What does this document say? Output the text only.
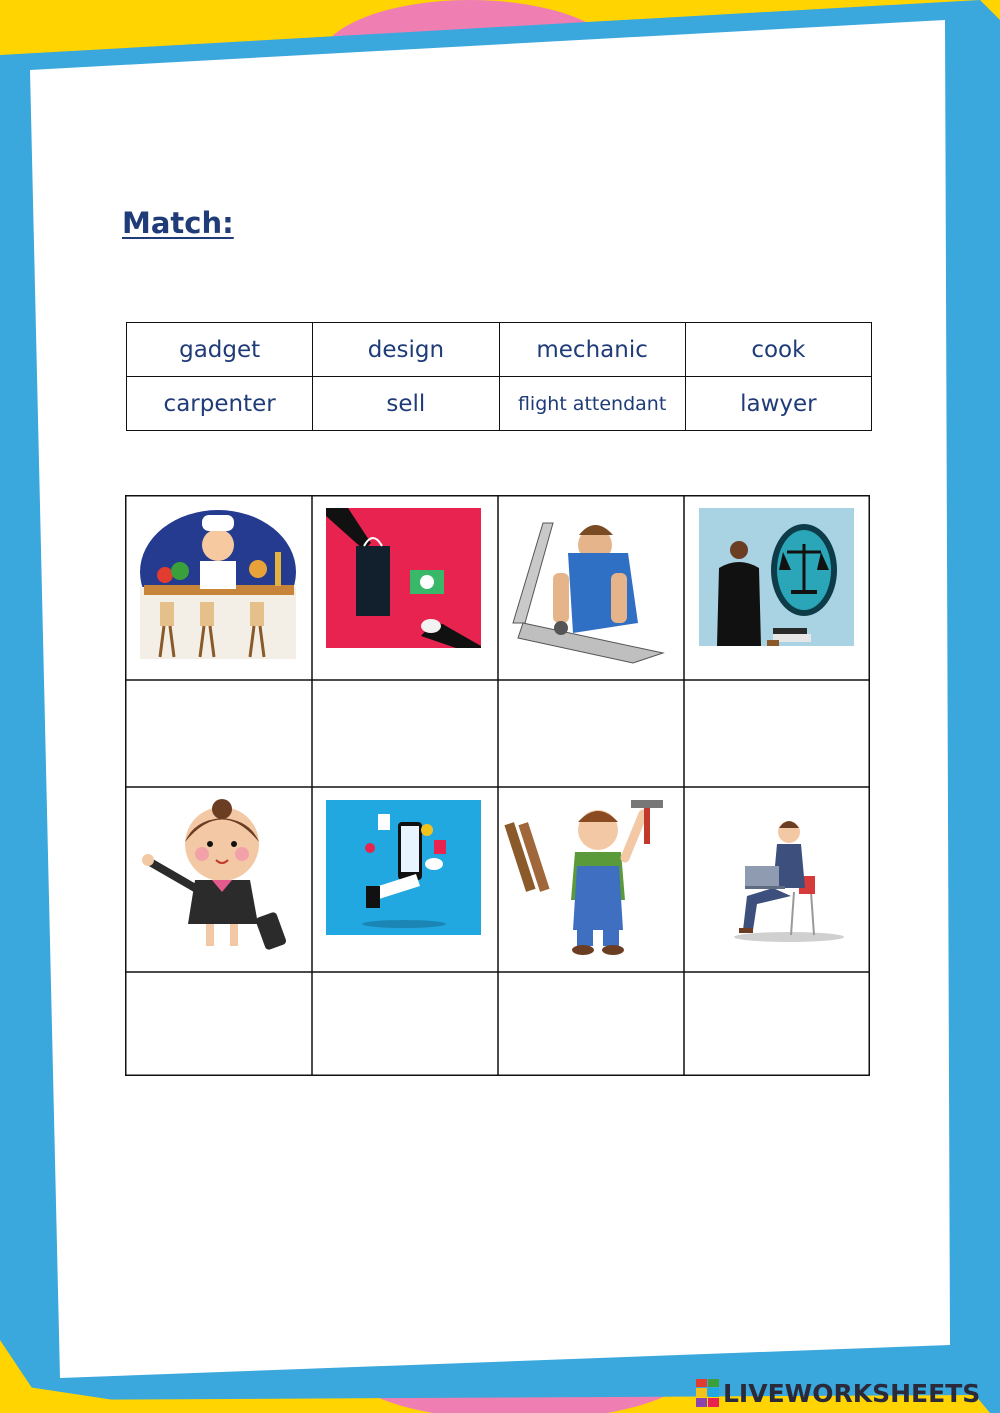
Match:
gadget	design	mechanic	cook
carpenter	sell	flight attendant	lawyer
LIVEWORKSHEETS
